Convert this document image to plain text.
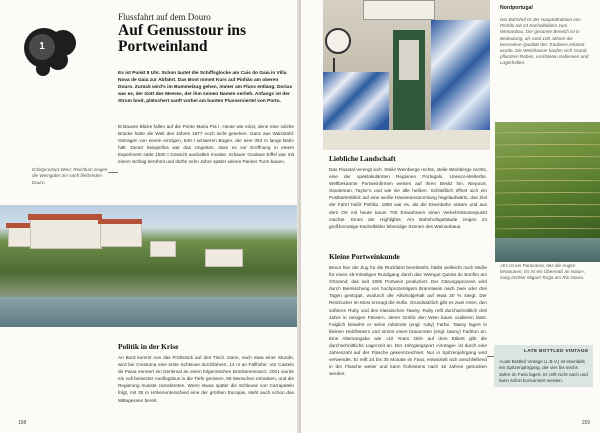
1
Flussfahrt auf dem Douro
Auf Genusstour ins Portweinland

Es ist Punkt 8 Uhr. Schon lautet die Schiffsglocke am Cais do Gaia in Villa Nova de Gaia zur Abfahrt. Das Boot nimmt Kurs auf Pinhão am oberen Douro. Zurück wird’s im Bummelzug gehen, immer am Fluss entlang. Dorius war es, der Gott des Meeres, der ihm seinen Namen verlieh. Anfangs ist der Strom breit, plätschert sanft vorbei am bunten Flusserviertel von Porto.

Erstaunte Blicke fallen auf die Ponte Maria Pia I. Heute wie einst, denn eine solche Brücke hatte die Welt des Jahres 1877 noch nicht gesehen. Ganz aus Walzstahl: Getragen von einem einzigen, 640 t schweren Bogen, der eine 353 m lange Bahn hält. Derart beispiellos war das Ungetüm, dass es vor Eröffnung in einem Experiment satte 1500 t Gewicht aushalten musste. Erbauer Gustave Eiffel war mit einem Schlag berühmt und dürfte zehn Jahre später seinen Pariser Turm bauen.

Erfolgsrezept Wein: Reichtum zeigen die Weingüter am sanft fließenden Douro

Politik in der Krise

An Bord kommt nun das Frühstück auf den Tisch. Dann, nach etwa einer Stunde, wird bei Crestuma eine erste Schleuse durchfahren, 14 m an Fallhöhe. Vor Castelo de Paiva ennnert ein Denkmal an einen folgenreichen Brückeneinsturz: 2001 wurde ein voll besetzter Ausflugsbus in die Tiefe gerissen, 59 Menschen ertranken, und die Regierung musste zurücktreten. Wenn etwas später die Schleuse von Carrapatelo folgt, mit 35 m Höhenunterschied eine der größten Europas, steht auch schon das Mittagessen bereit.

158
Nordportugal

Der Bahnhof ist der Hauptattraktion von Pinhão mit 24 Kachelbildern zum Weinanbau. Der gesamte Bereich ist in Bedeutung, als rund 100 Jahren die besondere Qualität des Traubens erkannt wurde. Die Weinhäuser kaufen sich Grund, pflanzten Reben, errichteten Kellereien und Lagerhallen.

»Es ist ein Panorama, das die Augen bestaunen: Es ist ein Übermaß an Natur«, sang Dichter Miguel Torga am Rio Douro.

Liebliche Landschaft

Das Flusstal verengt sich. Steile Weinberge rechts, steile Weinberge rechts, eine der spektakulärsten Regionen Portugals, Unesco-Welterbe. Weltbekannte Portweinfirmen weisen auf ihren Besitz hin. Niepoort, Sandeman, Taylor’s und wie sie alle heißen. Schließlich öffnet sich ein Postkartenblick auf eine weiße Häuseransammlung hügelaufwärts, das Ziel der Fahrt heißt Pinhão. 1880 war es, als die Eisenbahn ankam und aus dem Ort mit heute kaum 700 Einwohnern einen Verkehrsknotenpunkt machte. Eines der Highlights: Am Bahnhofsgebäude zeigen 24 großformatige Kachelbilder lebendige Szenen des Weinanbaus.

Kleine Portweinkunde

Bevor hier der Zug für die Rückfahrt bereitsteht, bleibt vielleicht noch Muße für einen 45-minütigen Rundgang durch das Weingut Quinta do Bonfim am Ortsrand; das seit 1906 Portwein produziert. Der Gärungsprozess wird durch Beimischung von hochprozentigem Branntwein nach zwei oder drei Tagen gestoppt, wodurch der Alkoholgehalt auf etwa 20 % steigt. Der Restzucker im Most erzeugt die Süße. Grundsätzlich gibt es zwei Arten, den süßeren Ruby und den klassischen Tawny. Ruby reift durchschnittlich drei Jahre in riesigen Fässern, deren Größe den Wein kaum oxidieren lässt. Folglich bewahrt er seine rubinrote (engl. ruby) Farbe. Tawny lagert in kleinen Holzfässern und nimmt einen braunroten (engl. tawny) Farbton an. Eine Altersangabe wie »10 Years Old« auf dem Etikett gibt die durchschnittliche Lagerzeit an. Der Jahrgangsport »Vintage« ist durch eine Jahreszahl auf der Flasche gekennzeichnet. Nur in Spitzenjahrgang wird verwendet. Er reift 24 bis 35 Monate im Fass, entwickelt sich anschließend in der Flasche weiter und kann frühestens nach 15 Jahren getrunken werden.

LATE BOTTLED VINTAGE

»Late Bottled Vintage (L.B.V.) ist ebenfalls ein Spitzenjahrgang, der vier bis sechs Jahre im Fass lagert. Er reift nicht nach und kann sofort konsumiert werden.

159
